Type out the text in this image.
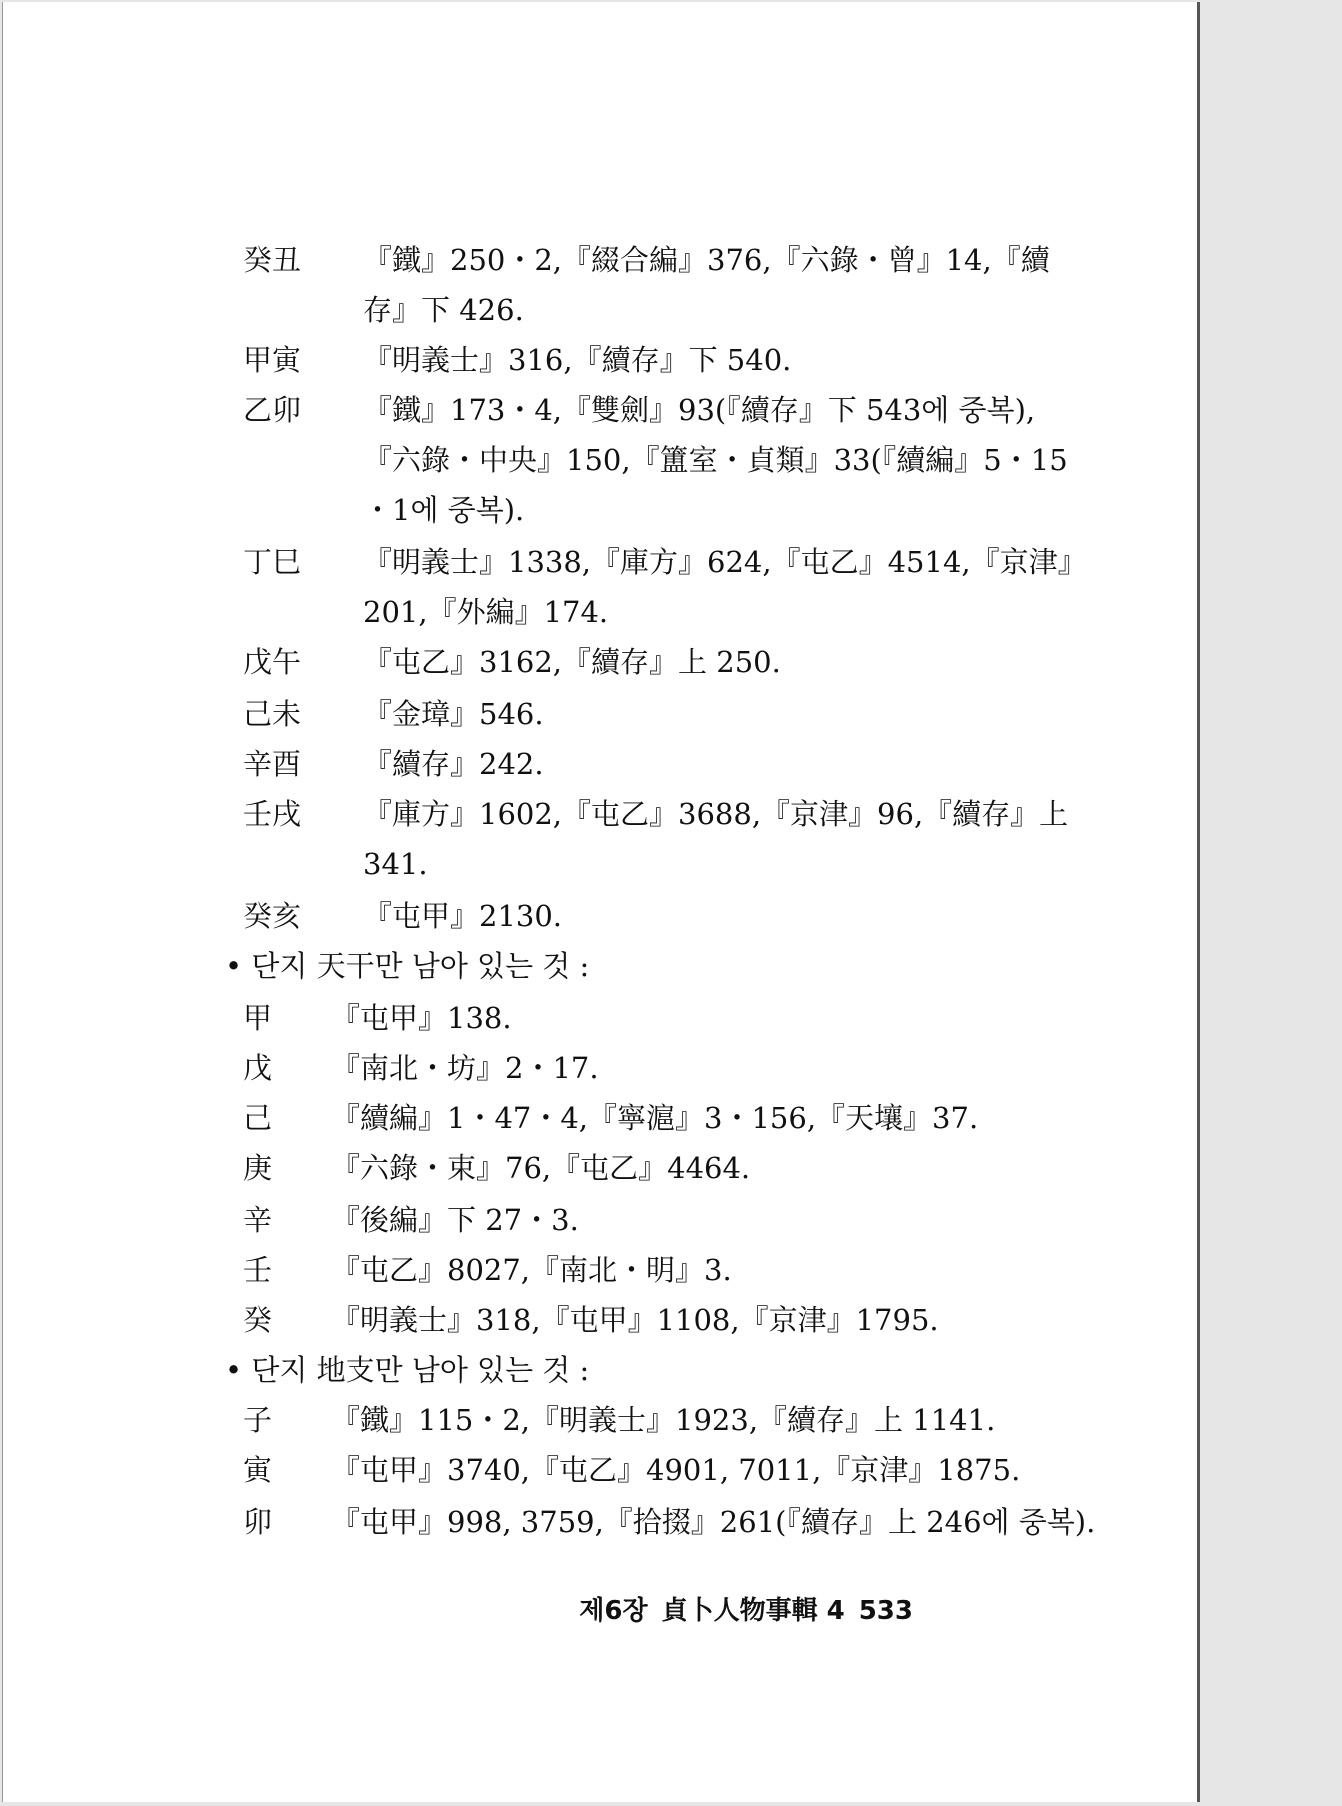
癸丑 『鐵』250・2,『綴合編』376,『六錄・曾』14,『續
存』下 426.
甲寅 『明義士』316,『續存』下 540.
乙卯 『鐵』173・4,『雙劍』93(『續存』下 543에 중복),
『六錄・中央』150,『簠室・貞類』33(『續編』5・15
・1에 중복).
丁巳 『明義士』1338,『庫方』624,『屯乙』4514,『京津』
201,『外編』174.
戊午 『屯乙』3162,『續存』上 250.
己未 『金璋』546.
辛酉 『續存』242.
壬戌 『庫方』1602,『屯乙』3688,『京津』96,『續存』上
341.
癸亥 『屯甲』2130.
• 단지 天干만 남아 있는 것 :
甲 『屯甲』138.
戊 『南北・坊』2・17.
己 『續編』1・47・4,『寧滬』3・156,『天壤』37.
庚 『六錄・束』76,『屯乙』4464.
辛 『後編』下 27・3.
壬 『屯乙』8027,『南北・明』3.
癸 『明義士』318,『屯甲』1108,『京津』1795.
• 단지 地支만 남아 있는 것 :
子 『鐵』115・2,『明義士』1923,『續存』上 1141.
寅 『屯甲』3740,『屯乙』4901, 7011,『京津』1875.
卯 『屯甲』998, 3759,『拾掇』261(『續存』上 246에 중복).
제6장 貞卜人物事輯 4 533
